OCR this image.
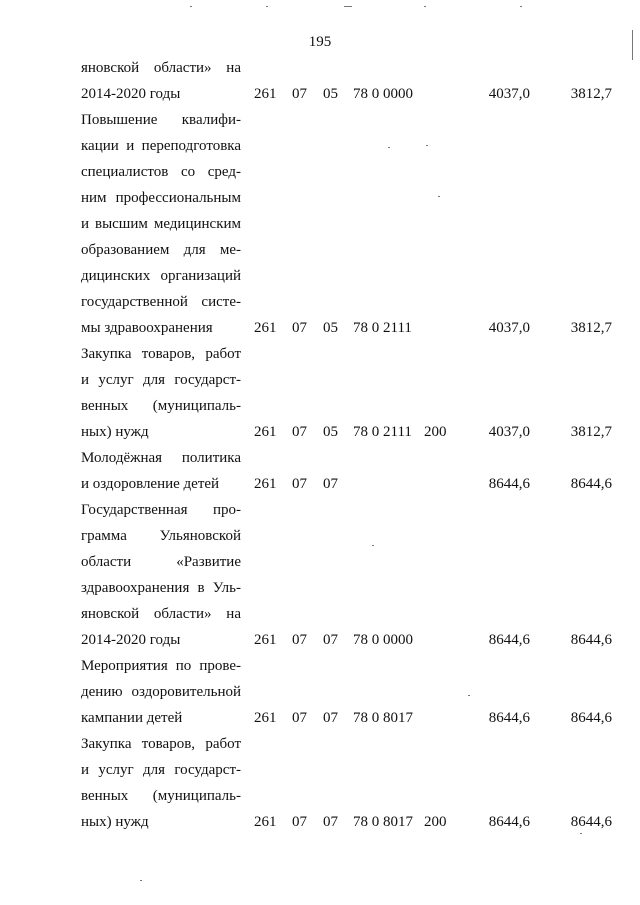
195
яновской области» на
2014-2020 годы	261 07 05 78 0 0000	4037,0	3812,7
Повышение квалифи-
кации и переподготовка
специалистов со сред-
ним профессиональным
и высшим медицинским
образованием для ме-
дицинских организаций
государственной систе-
мы здравоохранения	261 07 05 78 0 2111	4037,0	3812,7
Закупка товаров, работ
и услуг для государст-
венных (муниципаль-
ных) нужд	261 07 05 78 0 2111 200	4037,0	3812,7
Молодёжная политика
и оздоровление детей	261 07 07	8644,6	8644,6
Государственная про-
грамма Ульяновской
области «Развитие
здравоохранения в Уль-
яновской области» на
2014-2020 годы	261 07 07 78 0 0000	8644,6	8644,6
Мероприятия по прове-
дению оздоровительной
кампании детей	261 07 07 78 0 8017	8644,6	8644,6
Закупка товаров, работ
и услуг для государст-
венных (муниципаль-
ных) нужд	261 07 07 78 0 8017 200	8644,6	8644,6
